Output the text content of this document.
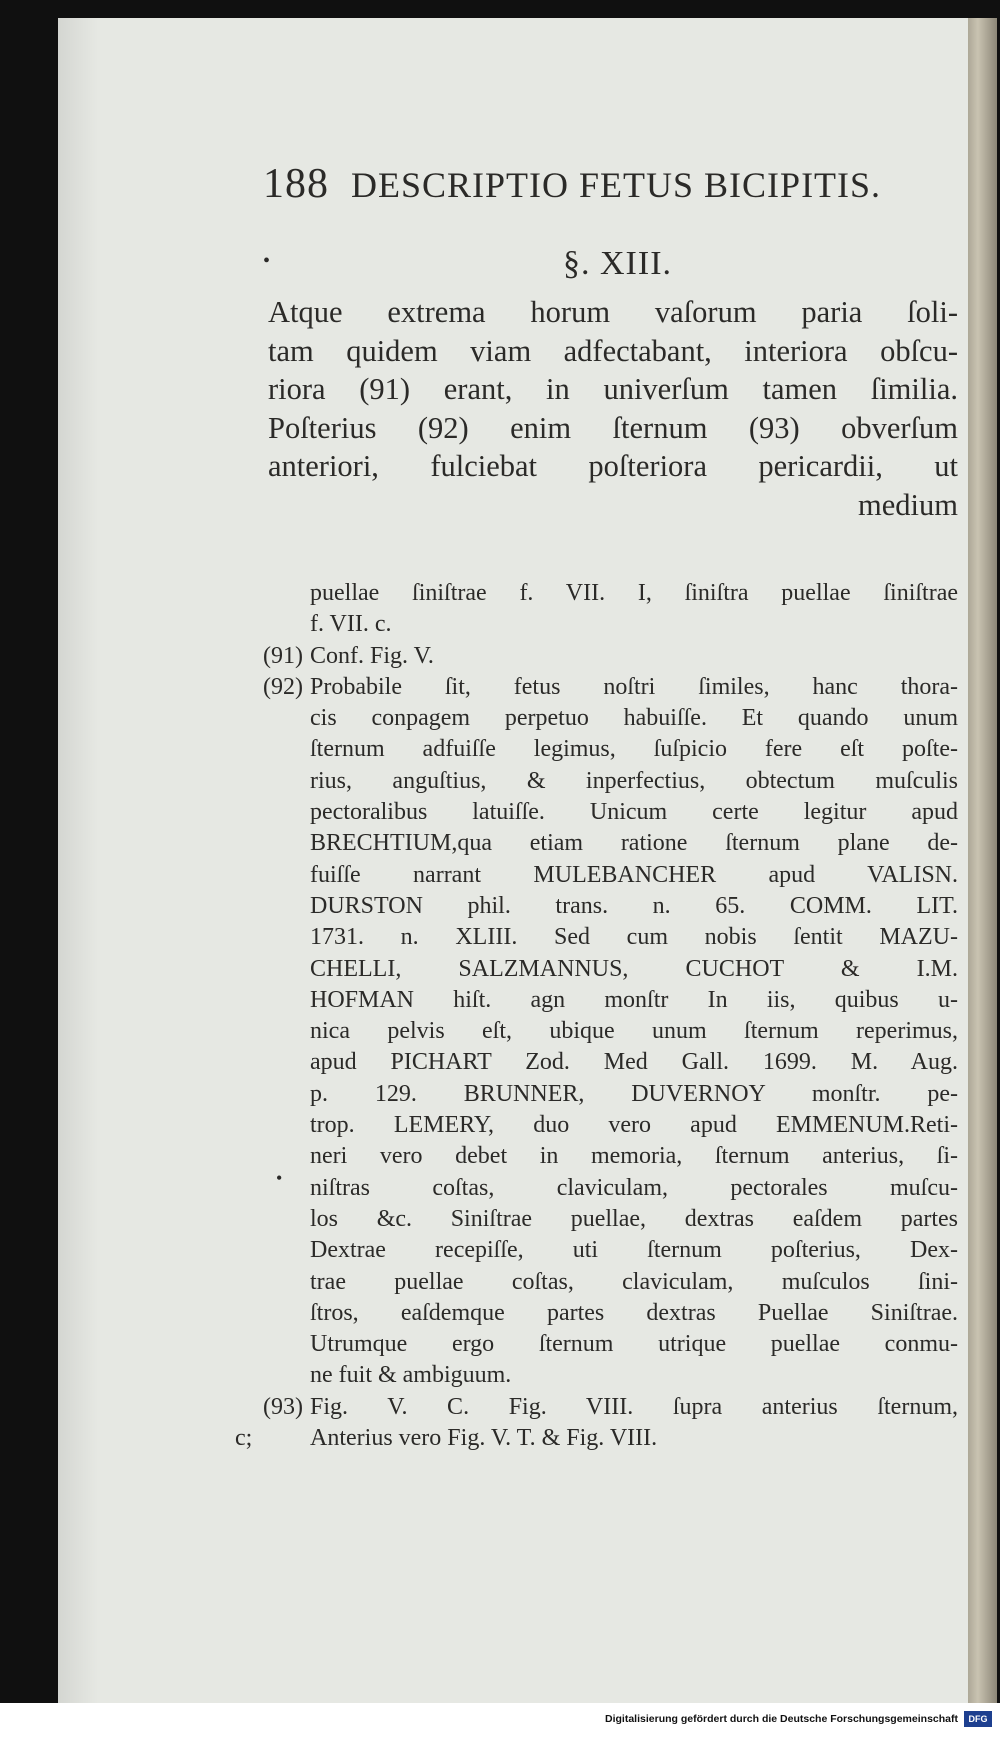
188 DESCRIPTIO FETUS BICIPITIS.
•	§. XIII.
Atque extrema horum vaſorum paria ſoli-
tam quidem viam adfectabant, interiora obſcu-
riora (91) erant, in univerſum tamen ſimilia.
Poſterius (92) enim ſternum (93) obverſum
anteriori, fulciebat poſteriora pericardii, ut
medium
puellae ſiniſtrae f. VII. I, ſiniſtra puellae ſiniſtrae
f. VII. c.
(91) Conf. Fig. V.
(92) Probabile ſit, fetus noſtri ſimiles, hanc thora-
cis conpagem perpetuo habuiſſe. Et quando unum
ſternum adfuiſſe legimus, ſuſpicio fere eſt poſte-
rius, anguſtius, & inperfectius, obtectum muſculis
pectoralibus latuiſſe. Unicum certe legitur apud
BRECHTIUM,qua etiam ratione ſternum plane de-
fuiſſe narrant MULEBANCHER apud VALISN.
DURSTON phil. trans. n. 65. COMM. LIT.
1731. n. XLIII. Sed cum nobis ſentit MAZU-
CHELLI, SALZMANNUS, CUCHOT & I.M.
HOFMAN hiſt. agn monſtr In iis, quibus u-
nica pelvis eſt, ubique unum ſternum reperimus,
apud PICHART Zod. Med Gall. 1699. M. Aug.
p. 129. BRUNNER, DUVERNOY monſtr. pe-
trop. LEMERY, duo vero apud EMMENUM.Reti-
neri vero debet in memoria, ſternum anterius, ſi-
niſtras coſtas, claviculam, pectorales muſcu-
los &c. Siniſtrae puellae, dextras eaſdem partes
Dextrae recepiſſe, uti ſternum poſterius, Dex-
trae puellae coſtas, claviculam, muſculos ſini-
ſtros, eaſdemque partes dextras Puellae Siniſtrae.
Utrumque ergo ſternum utrique puellae conmu-
ne fuit & ambiguum.
(93) Fig. V. C. Fig. VIII. ſupra anterius ſternum,
c;	Anterius vero Fig. V. T. & Fig. VIII.
•
Digitalisierung gefördert durch die Deutsche Forschungsgemeinschaft	DFG
